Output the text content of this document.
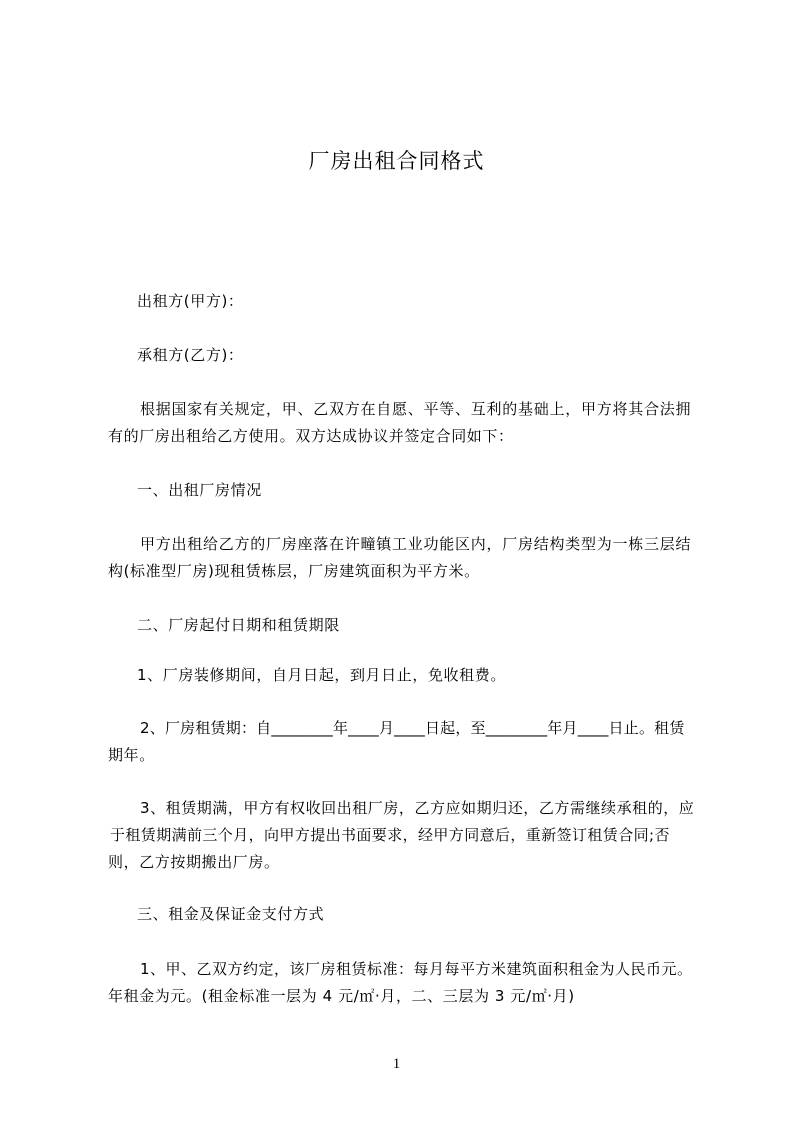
厂房出租合同格式
出租方(甲方)：
承租方(乙方)：
根据国家有关规定，甲、乙双方在自愿、平等、互利的基础上，甲方将其合法拥
有的厂房出租给乙方使用。双方达成协议并签定合同如下：
一、出租厂房情况
甲方出租给乙方的厂房座落在许疃镇工业功能区内，厂房结构类型为一栋三层结
构(标准型厂房)现租赁栋层，厂房建筑面积为平方米。
二、厂房起付日期和租赁期限
1、厂房装修期间，自月日起，到月日止，免收租费。
2、厂房租赁期：自________年____月____日起，至________年月____日止。租赁
期年。
3、租赁期满，甲方有权收回出租厂房，乙方应如期归还，乙方需继续承租的，应
于租赁期满前三个月，向甲方提出书面要求，经甲方同意后，重新签订租赁合同;否
则，乙方按期搬出厂房。
三、租金及保证金支付方式
1、甲、乙双方约定，该厂房租赁标准：每月每平方米建筑面积租金为人民币元。
年租金为元。(租金标准一层为 4 元/㎡·月，二、三层为 3 元/㎡·月)
1
